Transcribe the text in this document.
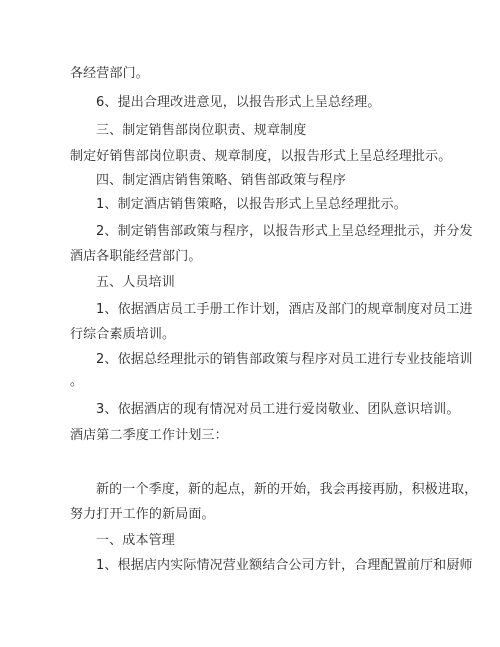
各经营部门。
6、提出合理改进意见，以报告形式上呈总经理。
三、制定销售部岗位职责、规章制度
制定好销售部岗位职责、规章制度，以报告形式上呈总经理批示。
四、制定酒店销售策略、销售部政策与程序
1、制定酒店销售策略，以报告形式上呈总经理批示。
2、制定销售部政策与程序，以报告形式上呈总经理批示，并分发
酒店各职能经营部门。
五、人员培训
1、依据酒店员工手册工作计划，酒店及部门的规章制度对员工进
行综合素质培训。
2、依据总经理批示的销售部政策与程序对员工进行专业技能培训
。
3、依据酒店的现有情况对员工进行爱岗敬业、团队意识培训。
酒店第二季度工作计划三：
新的一个季度，新的起点，新的开始，我会再接再励，积极进取，
努力打开工作的新局面。
一、成本管理
1、根据店内实际情况营业额结合公司方针，合理配置前厅和厨师
